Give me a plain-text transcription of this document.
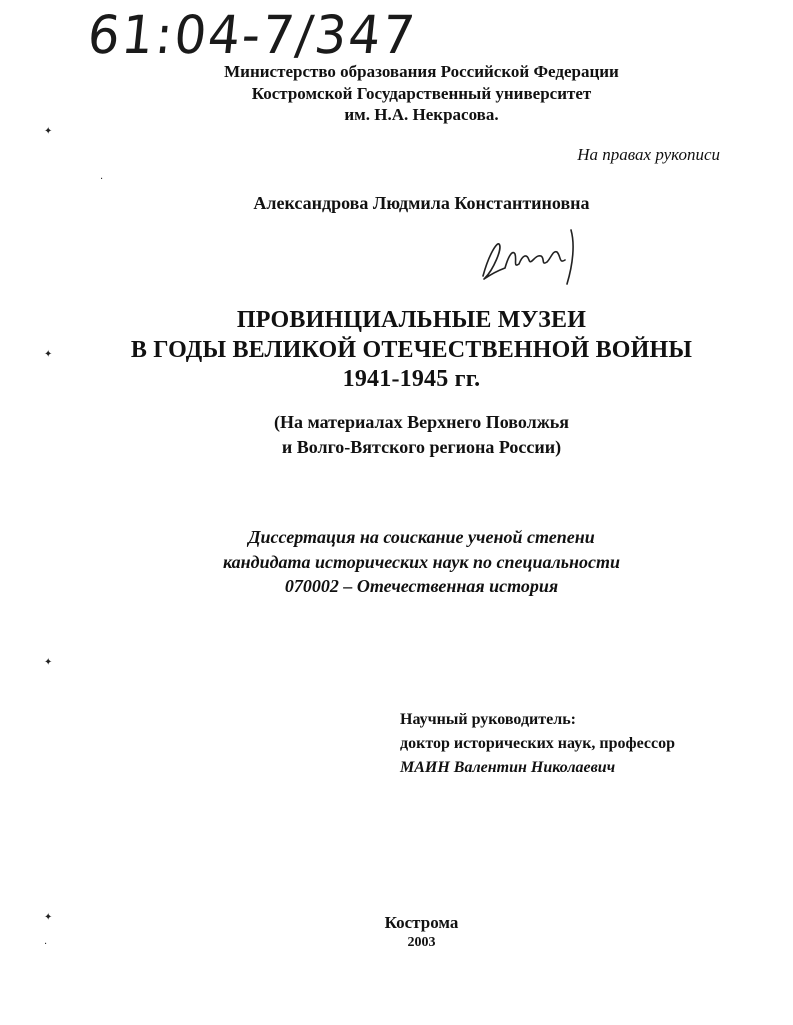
61:04-7/347
Министерство образования Российской Федерации
Костромской Государственный университет
им. Н.А. Некрасова.
На правах рукописи
Александрова Людмила Константиновна
ПРОВИНЦИАЛЬНЫЕ МУЗЕИ
В ГОДЫ ВЕЛИКОЙ ОТЕЧЕСТВЕННОЙ ВОЙНЫ
1941-1945 гг.
(На материалах Верхнего Поволжья
и Волго-Вятского региона России)
Диссертация на соискание ученой степени
кандидата исторических наук по специальности
070002 – Отечественная история
Научный руководитель:
доктор исторических наук, профессор
МАИН Валентин Николаевич
Кострома
2003
✦
✦
✦
✦
·
·
